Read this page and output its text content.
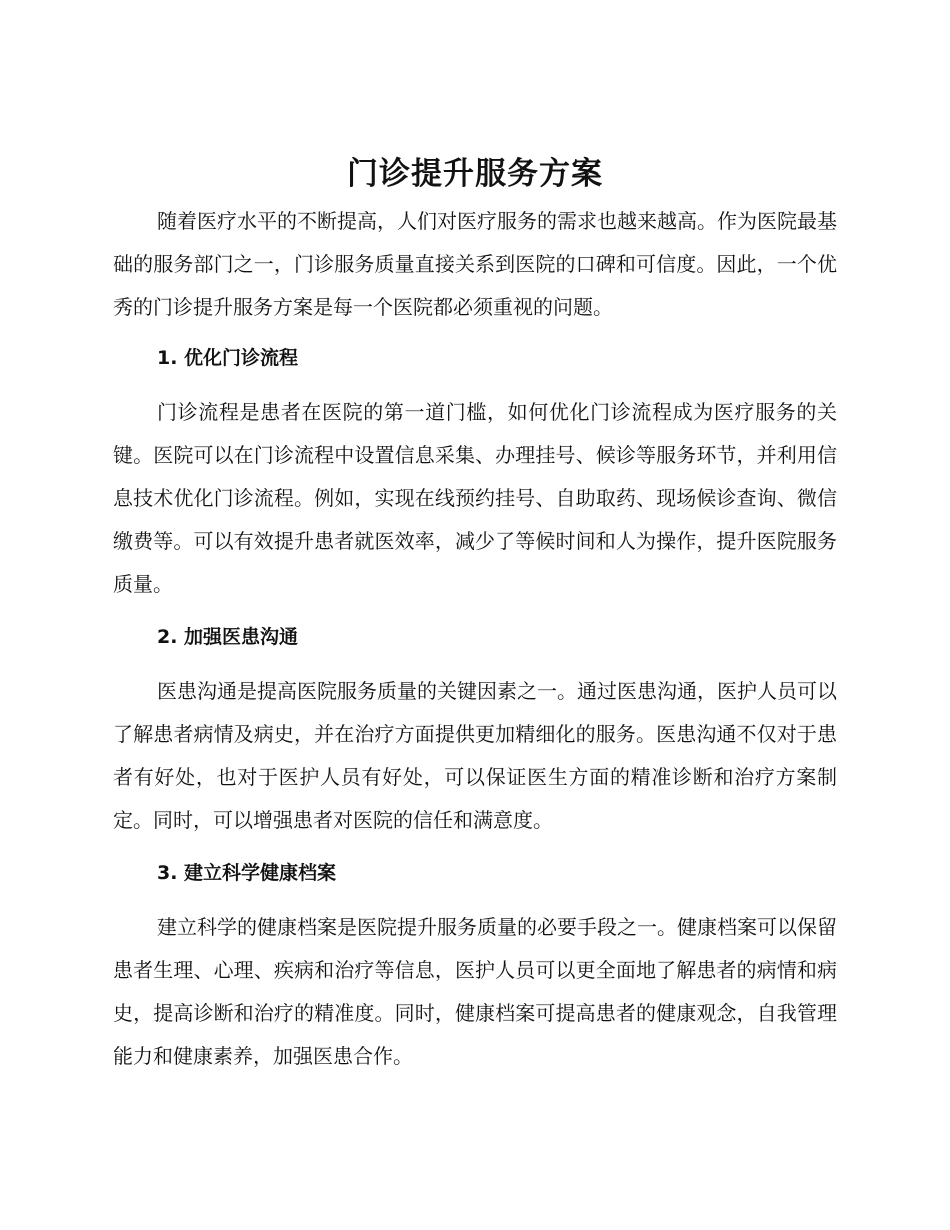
门诊提升服务方案

随着医疗水平的不断提高，人们对医疗服务的需求也越来越高。作为医院最基础的服务部门之一，门诊服务质量直接关系到医院的口碑和可信度。因此，一个优秀的门诊提升服务方案是每一个医院都必须重视的问题。

1. 优化门诊流程

门诊流程是患者在医院的第一道门槛，如何优化门诊流程成为医疗服务的关键。医院可以在门诊流程中设置信息采集、办理挂号、候诊等服务环节，并利用信息技术优化门诊流程。例如，实现在线预约挂号、自助取药、现场候诊查询、微信缴费等。可以有效提升患者就医效率，减少了等候时间和人为操作，提升医院服务质量。

2. 加强医患沟通

医患沟通是提高医院服务质量的关键因素之一。通过医患沟通，医护人员可以了解患者病情及病史，并在治疗方面提供更加精细化的服务。医患沟通不仅对于患者有好处，也对于医护人员有好处，可以保证医生方面的精准诊断和治疗方案制定。同时，可以增强患者对医院的信任和满意度。

3. 建立科学健康档案

建立科学的健康档案是医院提升服务质量的必要手段之一。健康档案可以保留患者生理、心理、疾病和治疗等信息，医护人员可以更全面地了解患者的病情和病史，提高诊断和治疗的精准度。同时，健康档案可提高患者的健康观念，自我管理能力和健康素养，加强医患合作。
